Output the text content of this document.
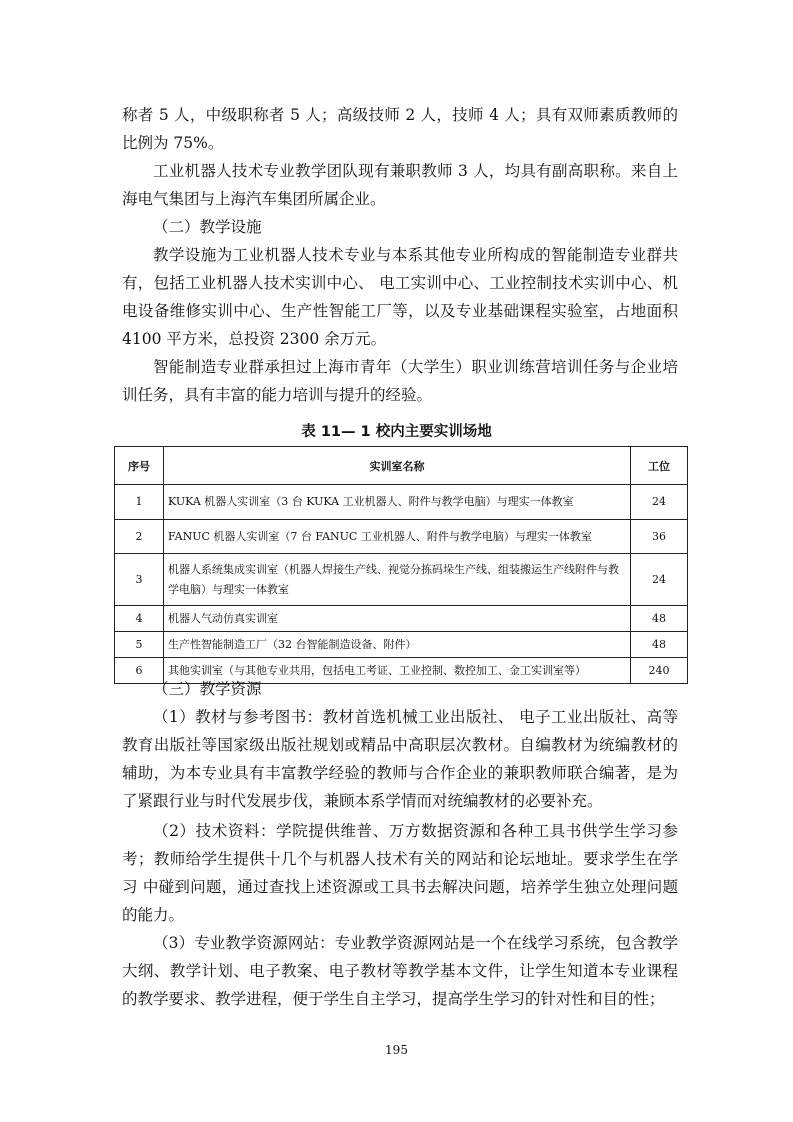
称者 5 人，中级职称者 5 人；高级技师 2 人，技师 4 人；具有双师素质教师的比例为 75%。

工业机器人技术专业教学团队现有兼职教师 3 人，均具有副高职称。来自上海电气集团与上海汽车集团所属企业。

（二）教学设施

教学设施为工业机器人技术专业与本系其他专业所构成的智能制造专业群共有，包括工业机器人技术实训中心、 电工实训中心、工业控制技术实训中心、机电设备维修实训中心、生产性智能工厂等，以及专业基础课程实验室，占地面积 4100 平方米，总投资 2300 余万元。

智能制造专业群承担过上海市青年（大学生）职业训练营培训任务与企业培训任务，具有丰富的能力培训与提升的经验。

表 11— 1 校内主要实训场地

序号	实训室名称	工位
1	KUKA 机器人实训室（3 台 KUKA 工业机器人、附件与教学电脑）与理实一体教室	24
2	FANUC 机器人实训室（7 台 FANUC 工业机器人、附件与教学电脑）与理实一体教室	36
3	机器人系统集成实训室（机器人焊接生产线、视觉分拣码垛生产线、组装搬运生产线附件与教学电脑）与理实一体教室	24
4	机器人气动仿真实训室	48
5	生产性智能制造工厂（32 台智能制造设备、附件）	48
6	其他实训室（与其他专业共用，包括电工考证、工业控制、数控加工、金工实训室等）	240

（三）教学资源

（1）教材与参考图书：教材首选机械工业出版社、 电子工业出版社、高等教育出版社等国家级出版社规划或精品中高职层次教材。自编教材为统编教材的辅助，为本专业具有丰富教学经验的教师与合作企业的兼职教师联合编著，是为了紧跟行业与时代发展步伐，兼顾本系学情而对统编教材的必要补充。

（2）技术资料：学院提供维普、万方数据资源和各种工具书供学生学习参考；教师给学生提供十几个与机器人技术有关的网站和论坛地址。要求学生在学习 中碰到问题，通过查找上述资源或工具书去解决问题，培养学生独立处理问题的能力。

（3）专业教学资源网站：专业教学资源网站是一个在线学习系统，包含教学大纲、教学计划、电子教案、电子教材等教学基本文件，让学生知道本专业课程的教学要求、教学进程，便于学生自主学习，提高学生学习的针对性和目的性；

195
